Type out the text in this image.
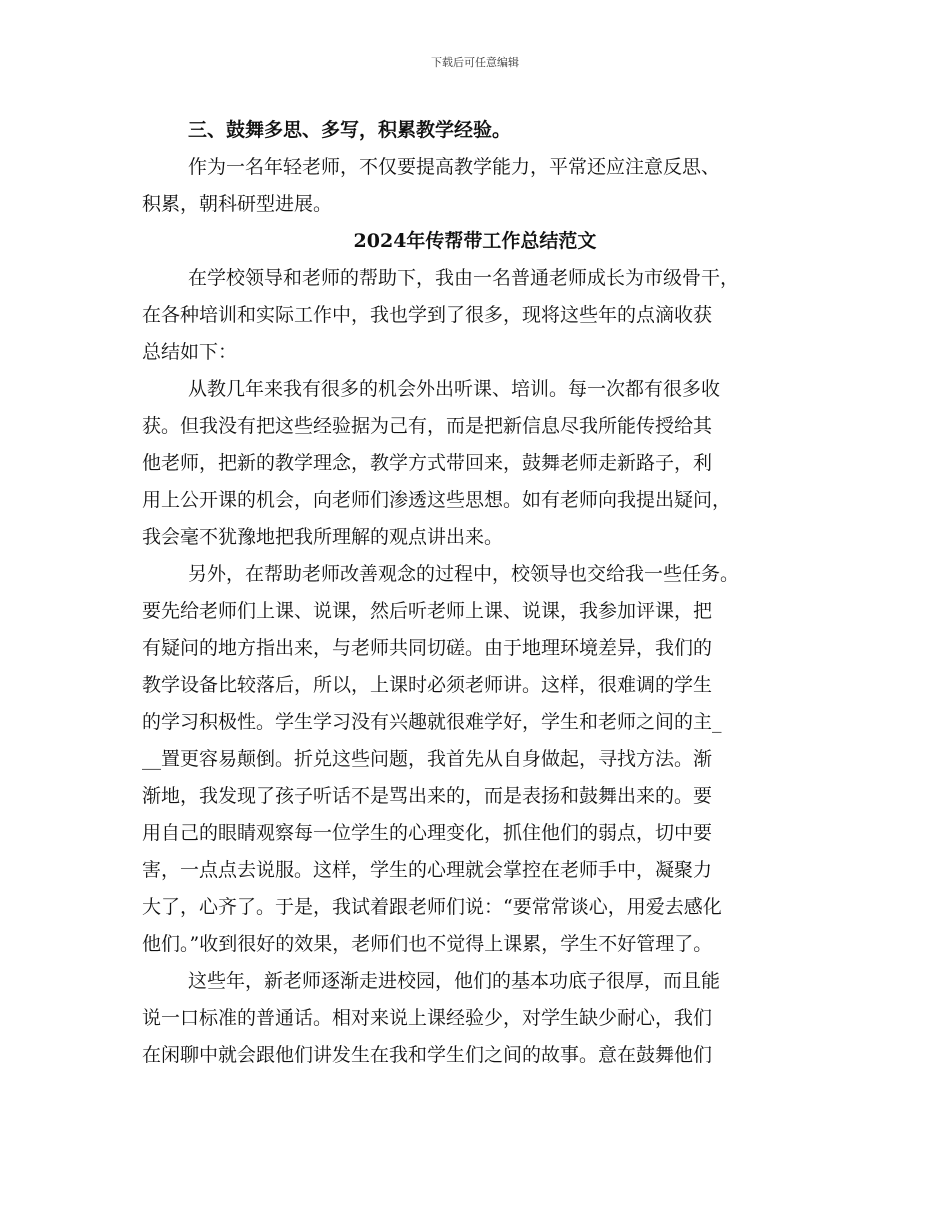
下载后可任意编辑

三、鼓舞多思、多写，积累教学经验。

作为一名年轻老师，不仅要提高教学能力，平常还应注意反思、
积累，朝科研型进展。

2024年传帮带工作总结范文

在学校领导和老师的帮助下，我由一名普通老师成长为市级骨干，
在各种培训和实际工作中，我也学到了很多，现将这些年的点滴收获
总结如下：

从教几年来我有很多的机会外出听课、培训。每一次都有很多收
获。但我没有把这些经验据为己有，而是把新信息尽我所能传授给其
他老师，把新的教学理念，教学方式带回来，鼓舞老师走新路子，利
用上公开课的机会，向老师们渗透这些思想。如有老师向我提出疑问，
我会毫不犹豫地把我所理解的观点讲出来。

另外，在帮助老师改善观念的过程中，校领导也交给我一些任务。
要先给老师们上课、说课，然后听老师上课、说课，我参加评课，把
有疑问的地方指出来，与老师共同切磋。由于地理环境差异，我们的
教学设备比较落后，所以，上课时必须老师讲。这样，很难调的学生
的学习积极性。学生学习没有兴趣就很难学好，学生和老师之间的主_
__置更容易颠倒。折兑这些问题，我首先从自身做起，寻找方法。渐
渐地，我发现了孩子听话不是骂出来的，而是表扬和鼓舞出来的。要
用自己的眼睛观察每一位学生的心理变化，抓住他们的弱点，切中要
害，一点点去说服。这样，学生的心理就会掌控在老师手中，凝聚力
大了，心齐了。于是，我试着跟老师们说：“要常常谈心，用爱去感化
他们。”收到很好的效果，老师们也不觉得上课累，学生不好管理了。

这些年，新老师逐渐走进校园，他们的基本功底子很厚，而且能
说一口标准的普通话。相对来说上课经验少，对学生缺少耐心，我们
在闲聊中就会跟他们讲发生在我和学生们之间的故事。意在鼓舞他们
